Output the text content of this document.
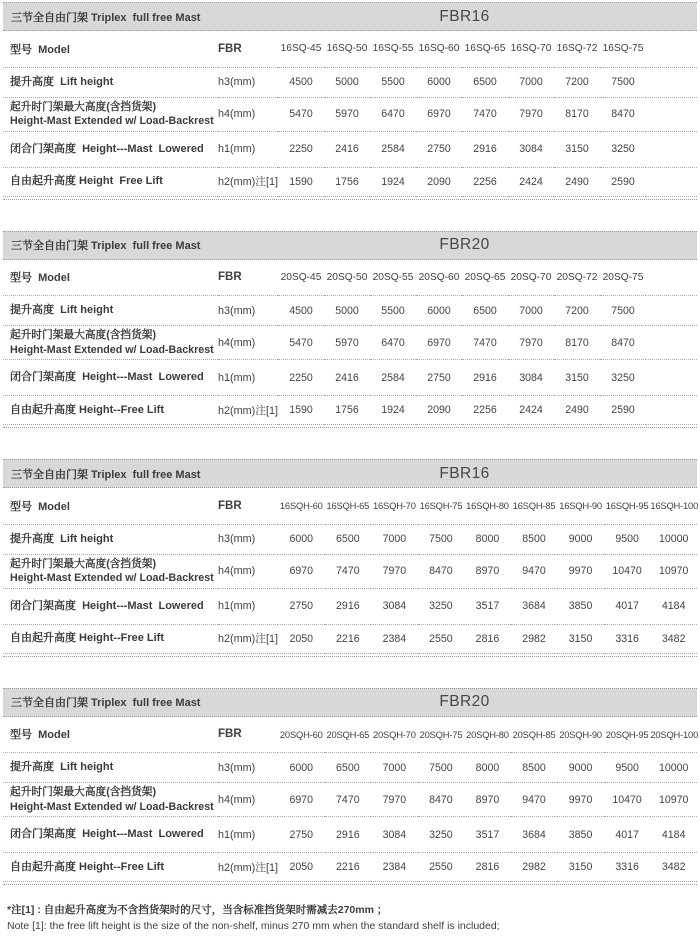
三节全自由门架 Triplex  full free Mast	FBR16
型号  Model	FBR	16SQ-45	16SQ-50	16SQ-55	16SQ-60	16SQ-65	16SQ-70	16SQ-72	16SQ-75	

提升高度  Lift height	h3(mm)	4500	5000	5500	6000	6500	7000	7200	7500	

起升时门架最大高度(含挡货架)
Height-Mast Extended w/ Load-Backrest	h4(mm)	5470	5970	6470	6970	7470	7970	8170	8470	

闭合门架高度  Height---Mast  Lowered	h1(mm)	2250	2416	2584	2750	2916	3084	3150	3250	

自由起升高度 Height  Free Lift	h2(mm)注[1]	1590	1756	1924	2090	2256	2424	2490	2590	
三节全自由门架 Triplex  full free Mast	FBR20
型号  Model	FBR	20SQ-45	20SQ-50	20SQ-55	20SQ-60	20SQ-65	20SQ-70	20SQ-72	20SQ-75	

提升高度  Lift height	h3(mm)	4500	5000	5500	6000	6500	7000	7200	7500	

起升时门架最大高度(含挡货架)
Height-Mast Extended w/ Load-Backrest	h4(mm)	5470	5970	6470	6970	7470	7970	8170	8470	

闭合门架高度  Height---Mast  Lowered	h1(mm)	2250	2416	2584	2750	2916	3084	3150	3250	

自由起升高度 Height--Free Lift	h2(mm)注[1]	1590	1756	1924	2090	2256	2424	2490	2590	
三节全自由门架 Triplex  full free Mast	FBR16
型号  Model	FBR	16SQH-60	16SQH-65	16SQH-70	16SQH-75	16SQH-80	16SQH-85	16SQH-90	16SQH-95	16SQH-100

提升高度  Lift height	h3(mm)	6000	6500	7000	7500	8000	8500	9000	9500	10000

起升时门架最大高度(含挡货架)
Height-Mast Extended w/ Load-Backrest	h4(mm)	6970	7470	7970	8470	8970	9470	9970	10470	10970

闭合门架高度  Height---Mast  Lowered	h1(mm)	2750	2916	3084	3250	3517	3684	3850	4017	4184

自由起升高度 Height--Free Lift	h2(mm)注[1]	2050	2216	2384	2550	2816	2982	3150	3316	3482
三节全自由门架 Triplex  full free Mast	FBR20
型号  Model	FBR	20SQH-60	20SQH-65	20SQH-70	20SQH-75	20SQH-80	20SQH-85	20SQH-90	20SQH-95	20SQH-100

提升高度  Lift height	h3(mm)	6000	6500	7000	7500	8000	8500	9000	9500	10000

起升时门架最大高度(含挡货架)
Height-Mast Extended w/ Load-Backrest	h4(mm)	6970	7470	7970	8470	8970	9470	9970	10470	10970

闭合门架高度  Height---Mast  Lowered	h1(mm)	2750	2916	3084	3250	3517	3684	3850	4017	4184

自由起升高度 Height--Free Lift	h2(mm)注[1]	2050	2216	2384	2550	2816	2982	3150	3316	3482
*注[1] : 自由起升高度为不含挡货架时的尺寸，当含标准挡货架时需减去270mm ；
Note [1]: the free lift height is the size of the non-shelf, minus 270 mm when the standard shelf is included;
